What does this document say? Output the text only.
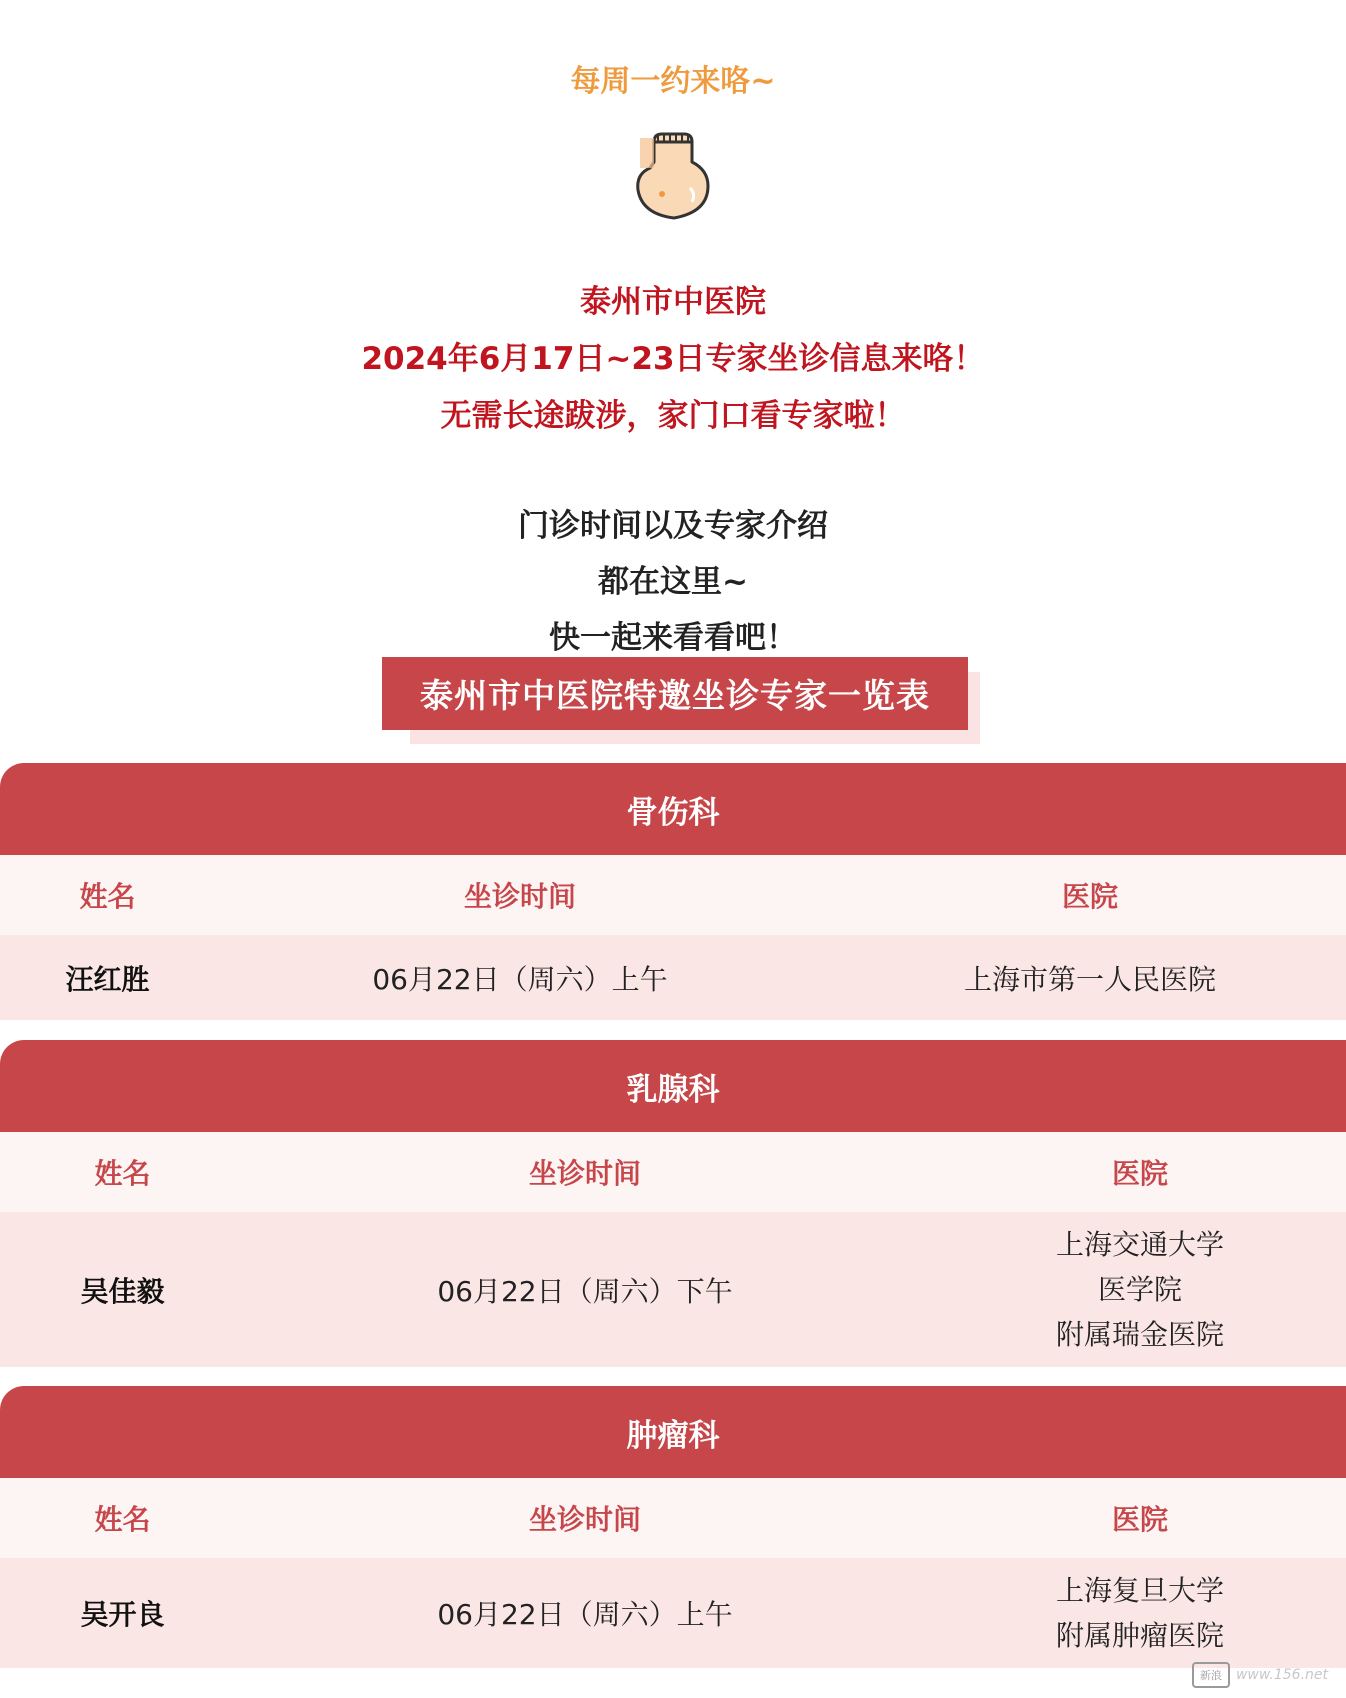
每周一约来咯~
泰州市中医院
2024年6月17日~23日专家坐诊信息来咯！
无需长途跋涉，家门口看专家啦！
门诊时间以及专家介绍
都在这里~
快一起来看看吧！
泰州市中医院特邀坐诊专家一览表
骨伤科
姓名	坐诊时间	医院
汪红胜	06月22日（周六）上午	上海市第一人民医院
乳腺科
姓名	坐诊时间	医院
吴佳毅	06月22日（周六）下午
上海交通大学
医学院
附属瑞金医院
肿瘤科
姓名	坐诊时间	医院
吴开良	06月22日（周六）上午
上海复旦大学
附属肿瘤医院
新浪	www.156.net
